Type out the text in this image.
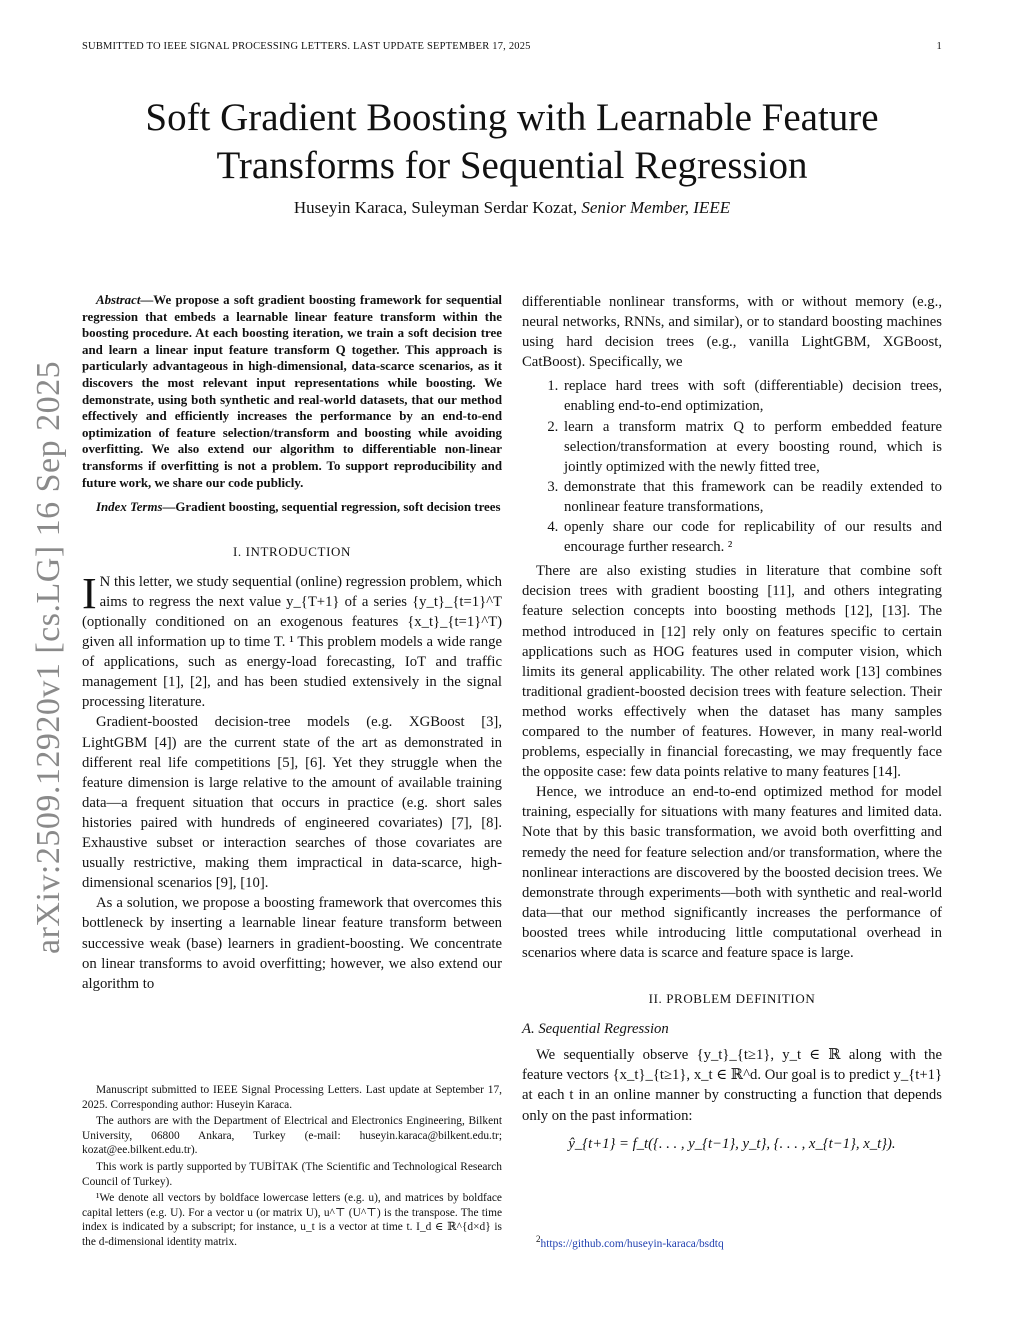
SUBMITTED TO IEEE SIGNAL PROCESSING LETTERS. LAST UPDATE SEPTEMBER 17, 2025	1
arXiv:2509.12920v1 [cs.LG] 16 Sep 2025
Soft Gradient Boosting with Learnable Feature
Transforms for Sequential Regression
Huseyin Karaca, Suleyman Serdar Kozat, Senior Member, IEEE

Abstract—We propose a soft gradient boosting framework for sequential regression that embeds a learnable linear feature transform within the boosting procedure. At each boosting iteration, we train a soft decision tree and learn a linear input feature transform Q together. This approach is particularly advantageous in high-dimensional, data-scarce scenarios, as it discovers the most relevant input representations while boosting. We demonstrate, using both synthetic and real-world datasets, that our method effectively and efficiently increases the performance by an end-to-end optimization of feature selection/transform and boosting while avoiding overfitting. We also extend our algorithm to differentiable non-linear transforms if overfitting is not a problem. To support reproducibility and future work, we share our code publicly.

Index Terms—Gradient boosting, sequential regression, soft decision trees

I. INTRODUCTION

I N this letter, we study sequential (online) regression problem, which aims to regress the next value y_{T+1} of a series {y_t}_{t=1}^T (optionally conditioned on an exogenous features {x_t}_{t=1}^T) given all information up to time T. ¹ This problem models a wide range of applications, such as energy-load forecasting, IoT and traffic management [1], [2], and has been studied extensively in the signal processing literature.

Gradient-boosted decision-tree models (e.g. XGBoost [3], LightGBM [4]) are the current state of the art as demonstrated in different real life competitions [5], [6]. Yet they struggle when the feature dimension is large relative to the amount of available training data—a frequent situation that occurs in practice (e.g. short sales histories paired with hundreds of engineered covariates) [7], [8]. Exhaustive subset or interaction searches of those covariates are usually restrictive, making them impractical in data-scarce, high-dimensional scenarios [9], [10].

As a solution, we propose a boosting framework that overcomes this bottleneck by inserting a learnable linear feature transform between successive weak (base) learners in gradient-boosting. We concentrate on linear transforms to avoid overfitting; however, we also extend our algorithm to

differentiable nonlinear transforms, with or without memory (e.g., neural networks, RNNs, and similar), or to standard boosting machines using hard decision trees (e.g., vanilla LightGBM, XGBoost, CatBoost). Specifically, we

1. replace hard trees with soft (differentiable) decision trees, enabling end-to-end optimization,
2. learn a transform matrix Q to perform embedded feature selection/transformation at every boosting round, which is jointly optimized with the newly fitted tree,
3. demonstrate that this framework can be readily extended to nonlinear feature transformations,
4. openly share our code for replicability of our results and encourage further research. ²

There are also existing studies in literature that combine soft decision trees with gradient boosting [11], and others integrating feature selection concepts into boosting methods [12], [13]. The method introduced in [12] rely only on features specific to certain applications such as HOG features used in computer vision, which limits its general applicability. The other related work [13] combines traditional gradient-boosted decision trees with feature selection. Their method works effectively when the dataset has many samples compared to the number of features. However, in many real-world problems, especially in financial forecasting, we may frequently face the opposite case: few data points relative to many features [14].

Hence, we introduce an end-to-end optimized method for model training, especially for situations with many features and limited data. Note that by this basic transformation, we avoid both overfitting and remedy the need for feature selection and/or transformation, where the nonlinear interactions are discovered by the boosted decision trees. We demonstrate through experiments—both with synthetic and real-world data—that our method significantly increases the performance of boosted trees while introducing little computational overhead in scenarios where data is scarce and feature space is large.

II. PROBLEM DEFINITION
A. Sequential Regression

We sequentially observe {y_t}_{t≥1}, y_t ∈ ℝ along with the feature vectors {x_t}_{t≥1}, x_t ∈ ℝ^d. Our goal is to predict y_{t+1} at each t in an online manner by constructing a function that depends only on the past information:

ŷ_{t+1} = f_t({. . . , y_{t−1}, y_t}, {. . . , x_{t−1}, x_t}).

Manuscript submitted to IEEE Signal Processing Letters. Last update at September 17, 2025. Corresponding author: Huseyin Karaca.

The authors are with the Department of Electrical and Electronics Engineering, Bilkent University, 06800 Ankara, Turkey (e-mail: huseyin.karaca@bilkent.edu.tr; kozat@ee.bilkent.edu.tr).

This work is partly supported by TUBİTAK (The Scientific and Technological Research Council of Turkey).

¹We denote all vectors by boldface lowercase letters (e.g. u), and matrices by boldface capital letters (e.g. U). For a vector u (or matrix U), u^⊤ (U^⊤) is the transpose. The time index is indicated by a subscript; for instance, u_t is a vector at time t. I_d ∈ ℝ^{d×d} is the d-dimensional identity matrix.	$^2$https://github.com/huseyin-karaca/bsdtq
